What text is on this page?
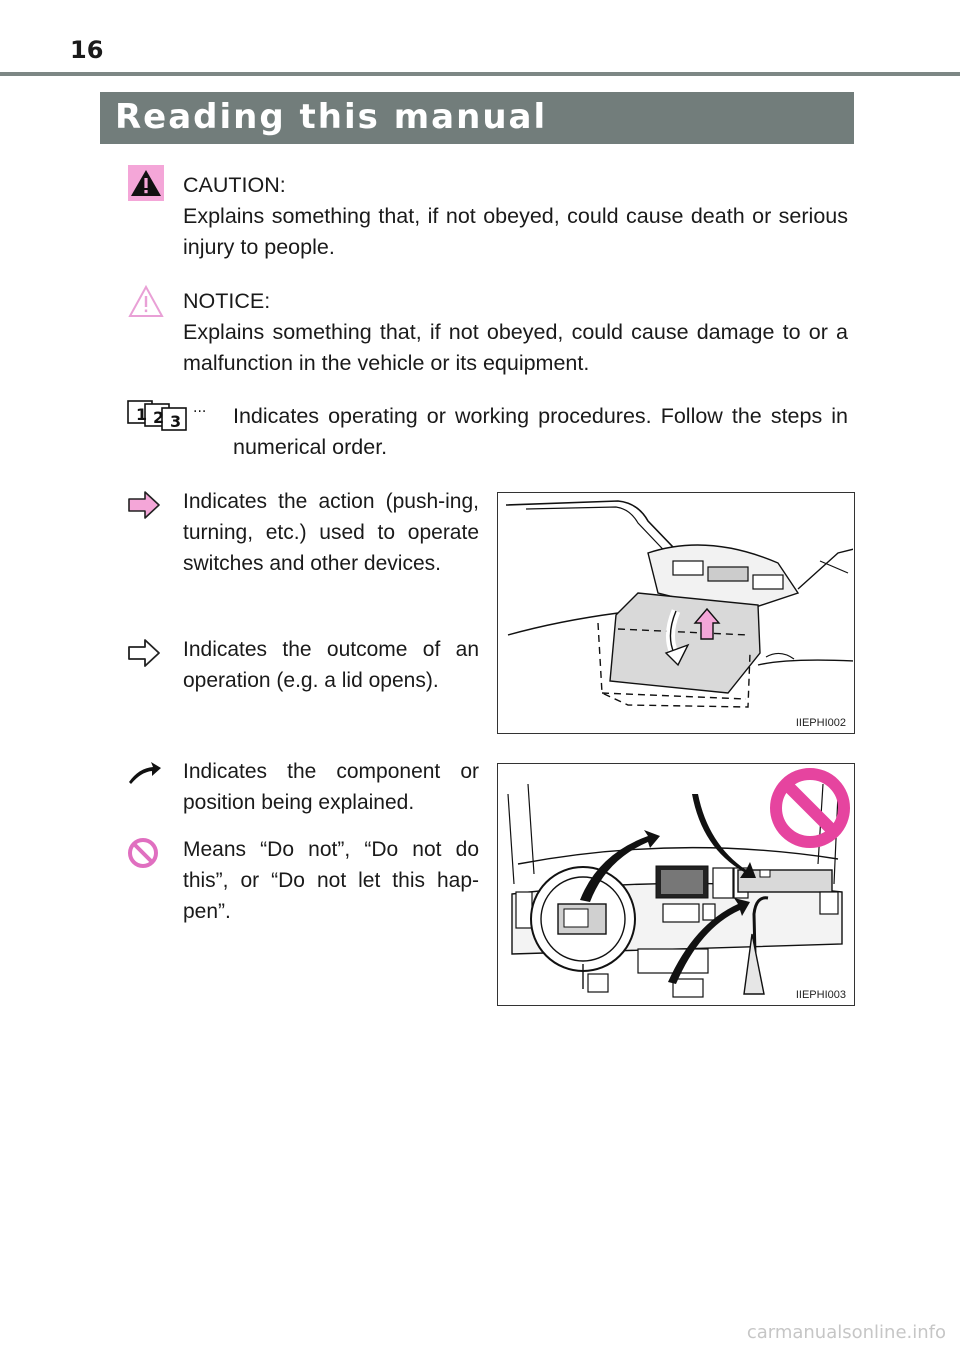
16
Reading this manual
CAUTION:
Explains something that, if not obeyed, could cause death or serious injury to people.
NOTICE:
Explains something that, if not obeyed, could cause damage to or a malfunction in the vehicle or its equipment.
1 2 3 ··· Indicates operating or working procedures. Follow the steps in numerical order.
Indicates the action (push-ing, turning, etc.) used to operate switches and other devices.
Indicates the outcome of an operation (e.g. a lid opens).
Indicates the component or position being explained.
Means “Do not”, “Do not do this”, or “Do not let this hap-pen”.
IIEPHI002
IIEPHI003
carmanualsonline.info
